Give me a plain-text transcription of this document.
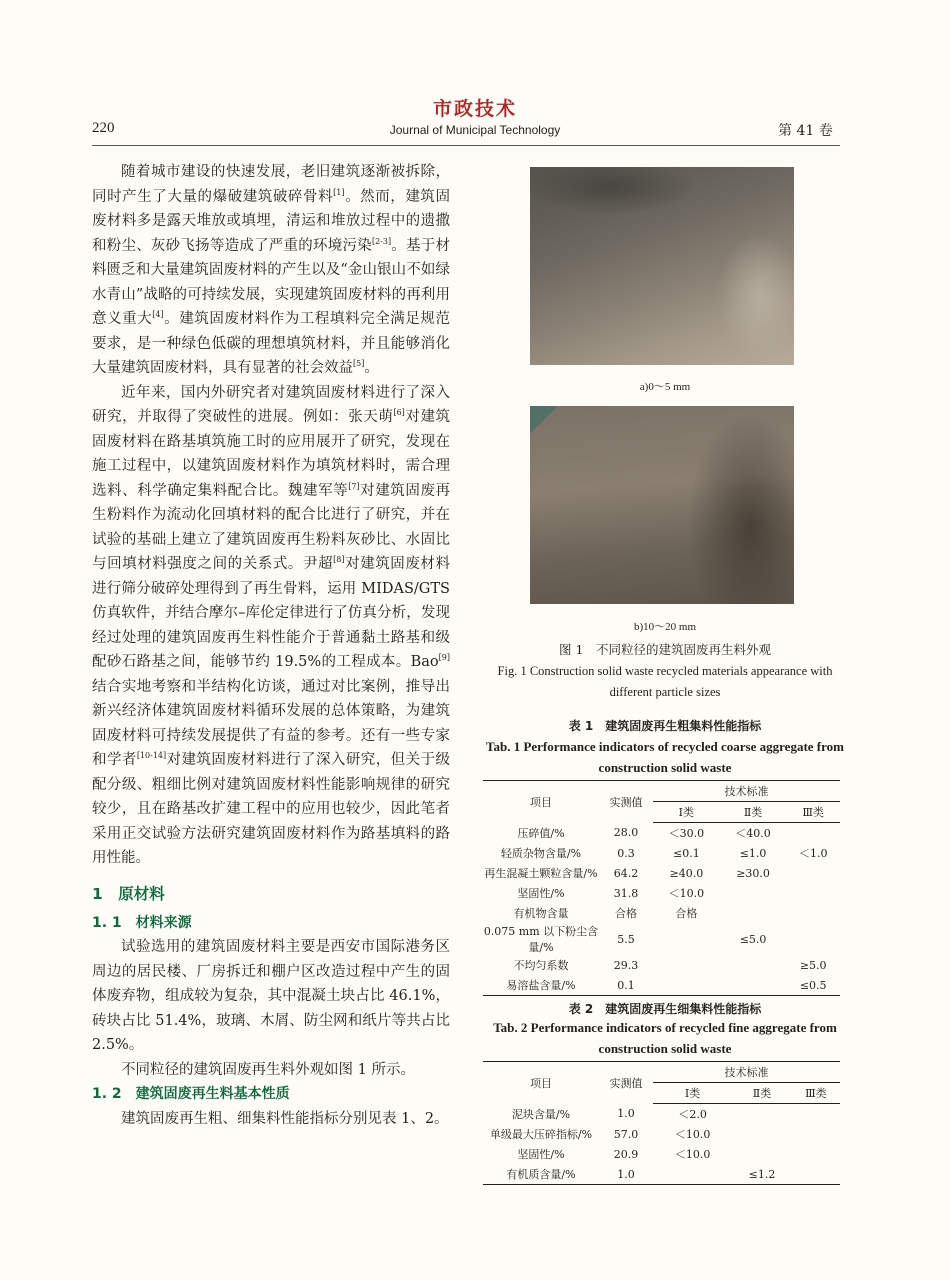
市政技术
220	Journal of Municipal Technology	第 41 卷

随着城市建设的快速发展，老旧建筑逐渐被拆除，同时产生了大量的爆破建筑破碎骨料[1]。然而，建筑固废材料多是露天堆放或填埋，清运和堆放过程中的遗撒和粉尘、灰砂飞扬等造成了严重的环境污染[2-3]。基于材料匮乏和大量建筑固废材料的产生以及“金山银山不如绿水青山”战略的可持续发展，实现建筑固废材料的再利用意义重大[4]。建筑固废材料作为工程填料完全满足规范要求，是一种绿色低碳的理想填筑材料，并且能够消化大量建筑固废材料，具有显著的社会效益[5]。

近年来，国内外研究者对建筑固废材料进行了深入研究，并取得了突破性的进展。例如：张天萌[6]对建筑固废材料在路基填筑施工时的应用展开了研究，发现在施工过程中，以建筑固废材料作为填筑材料时，需合理选料、科学确定集料配合比。魏建军等[7]对建筑固废再生粉料作为流动化回填材料的配合比进行了研究，并在试验的基础上建立了建筑固废再生粉料灰砂比、水固比与回填材料强度之间的关系式。尹超[8]对建筑固废材料进行筛分破碎处理得到了再生骨料，运用 MIDAS/GTS 仿真软件，并结合摩尔–库伦定律进行了仿真分析，发现经过处理的建筑固废再生料性能介于普通黏土路基和级配砂石路基之间，能够节约 19.5%的工程成本。Bao[9]结合实地考察和半结构化访谈，通过对比案例，推导出新兴经济体建筑固废材料循环发展的总体策略，为建筑固废材料可持续发展提供了有益的参考。还有一些专家和学者[10-14]对建筑固废材料进行了深入研究，但关于级配分级、粗细比例对建筑固废材料性能影响规律的研究较少，且在路基改扩建工程中的应用也较少，因此笔者采用正交试验方法研究建筑固废材料作为路基填料的路用性能。

1　原材料
1. 1　材料来源

试验选用的建筑固废材料主要是西安市国际港务区周边的居民楼、厂房拆迁和棚户区改造过程中产生的固体废弃物，组成较为复杂，其中混凝土块占比 46.1%，砖块占比 51.4%，玻璃、木屑、防尘网和纸片等共占比 2.5%。

不同粒径的建筑固废再生料外观如图 1 所示。

1. 2　建筑固废再生料基本性质

建筑固废再生粗、细集料性能指标分别见表 1、2。

a)0～5 mm
b)10～20 mm
图 1　不同粒径的建筑固废再生料外观
Fig. 1 Construction solid waste recycled materials appearance with different particle sizes
表 1　建筑固废再生粗集料性能指标
Tab. 1 Performance indicators of recycled coarse aggregate from construction solid waste
项目	实测值	技术标准		
		Ⅰ类	Ⅱ类	Ⅲ类
压碎值/%	28.0	＜30.0	＜40.0	
轻质杂物含量/%	0.3	≤0.1	≤1.0	＜1.0
再生混凝土颗粒含量/%	64.2	≥40.0	≥30.0	
坚固性/%	31.8	＜10.0		
有机物含量	合格	合格		
0.075 mm 以下粉尘含量/%	5.5		≤5.0	
不均匀系数	29.3			≥5.0
易溶盐含量/%	0.1			≤0.5
表 2　建筑固废再生细集料性能指标
Tab. 2 Performance indicators of recycled fine aggregate from construction solid waste
项目	实测值	技术标准		
		Ⅰ类	Ⅱ类	Ⅲ类
泥块含量/%	1.0	＜2.0		
单级最大压碎指标/%	57.0	＜10.0		
坚固性/%	20.9	＜10.0		
有机质含量/%	1.0		≤1.2	
